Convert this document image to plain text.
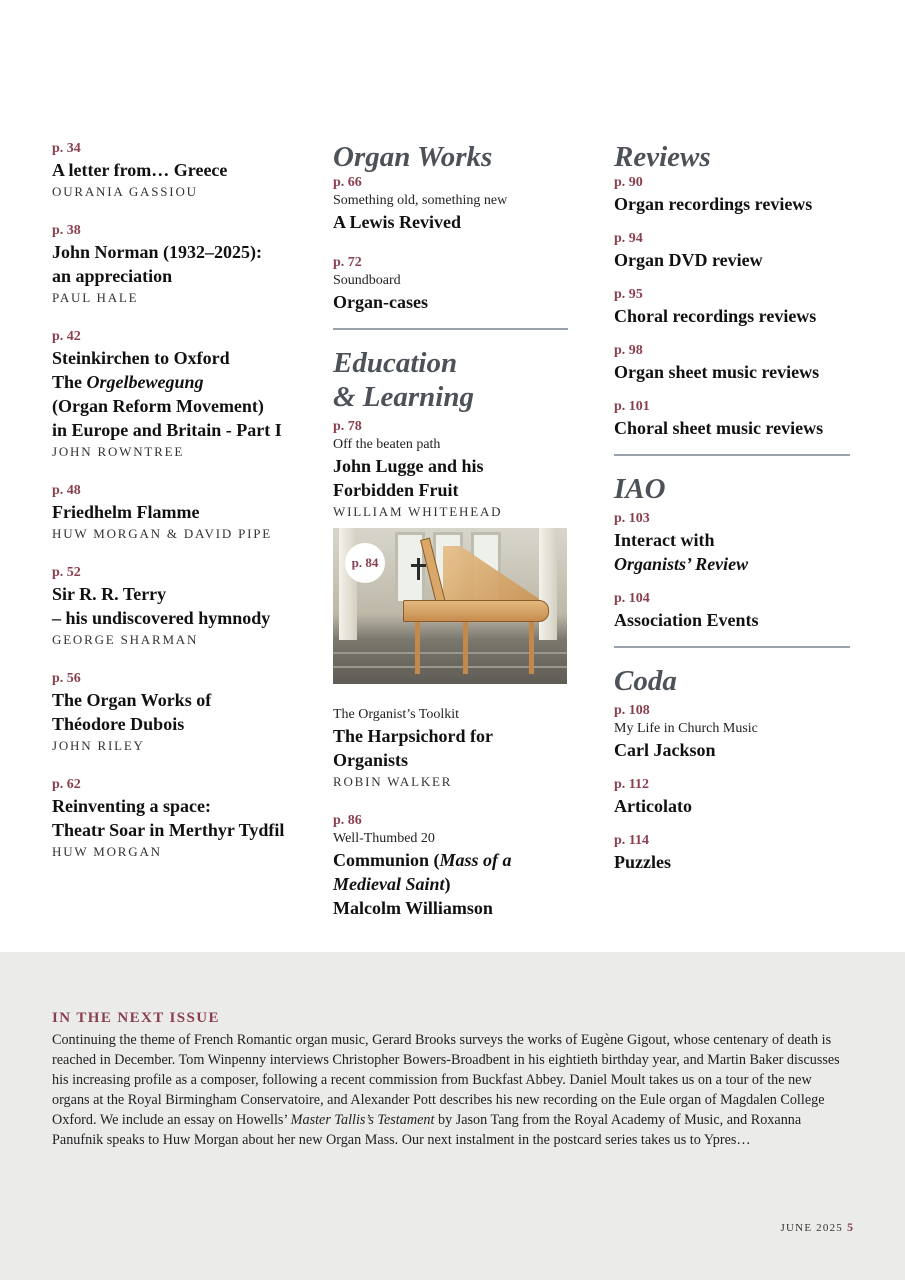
p. 34
A letter from… Greece
OURANIA GASSIOU
p. 38
John Norman (1932–2025):
an appreciation
PAUL HALE
p. 42
Steinkirchen to Oxford
The Orgelbewegung
(Organ Reform Movement)
in Europe and Britain - Part I
JOHN ROWNTREE
p. 48
Friedhelm Flamme
HUW MORGAN & DAVID PIPE
p. 52
Sir R. R. Terry
– his undiscovered hymnody
GEORGE SHARMAN
p. 56
The Organ Works of
Théodore Dubois
JOHN RILEY
p. 62
Reinventing a space:
Theatr Soar in Merthyr Tydfil
HUW MORGAN
Organ Works
p. 66
Something old, something new
A Lewis Revived
p. 72
Soundboard
Organ-cases
Education
& Learning
p. 78
Off the beaten path
John Lugge and his
Forbidden Fruit
WILLIAM WHITEHEAD
p. 84
The Organist’s Toolkit
The Harpsichord for Organists
ROBIN WALKER
p. 86
Well-Thumbed 20
Communion (Mass of a
Medieval Saint)
Malcolm Williamson
Reviews
p. 90
Organ recordings reviews
p. 94
Organ DVD review
p. 95
Choral recordings reviews
p. 98
Organ sheet music reviews
p. 101
Choral sheet music reviews
IAO
p. 103
Interact with
Organists’ Review
p. 104
Association Events
Coda
p. 108
My Life in Church Music
Carl Jackson
p. 112
Articolato
p. 114
Puzzles
IN THE NEXT ISSUE

Continuing the theme of French Romantic organ music, Gerard Brooks surveys the works of Eugène Gigout, whose centenary of death is reached in December. Tom Winpenny interviews Christopher Bowers-Broadbent in his eightieth birthday year, and Martin Baker discusses his increasing profile as a composer, following a recent commission from Buckfast Abbey. Daniel Moult takes us on a tour of the new organs at the Royal Birmingham Conservatoire, and Alexander Pott describes his new recording on the Eule organ of Magdalen College Oxford. We include an essay on Howells’ Master Tallis’s Testament by Jason Tang from the Royal Academy of Music, and Roxanna Panufnik speaks to Huw Morgan about her new Organ Mass. Our next instalment in the postcard series takes us to Ypres…

JUNE 2025 5
